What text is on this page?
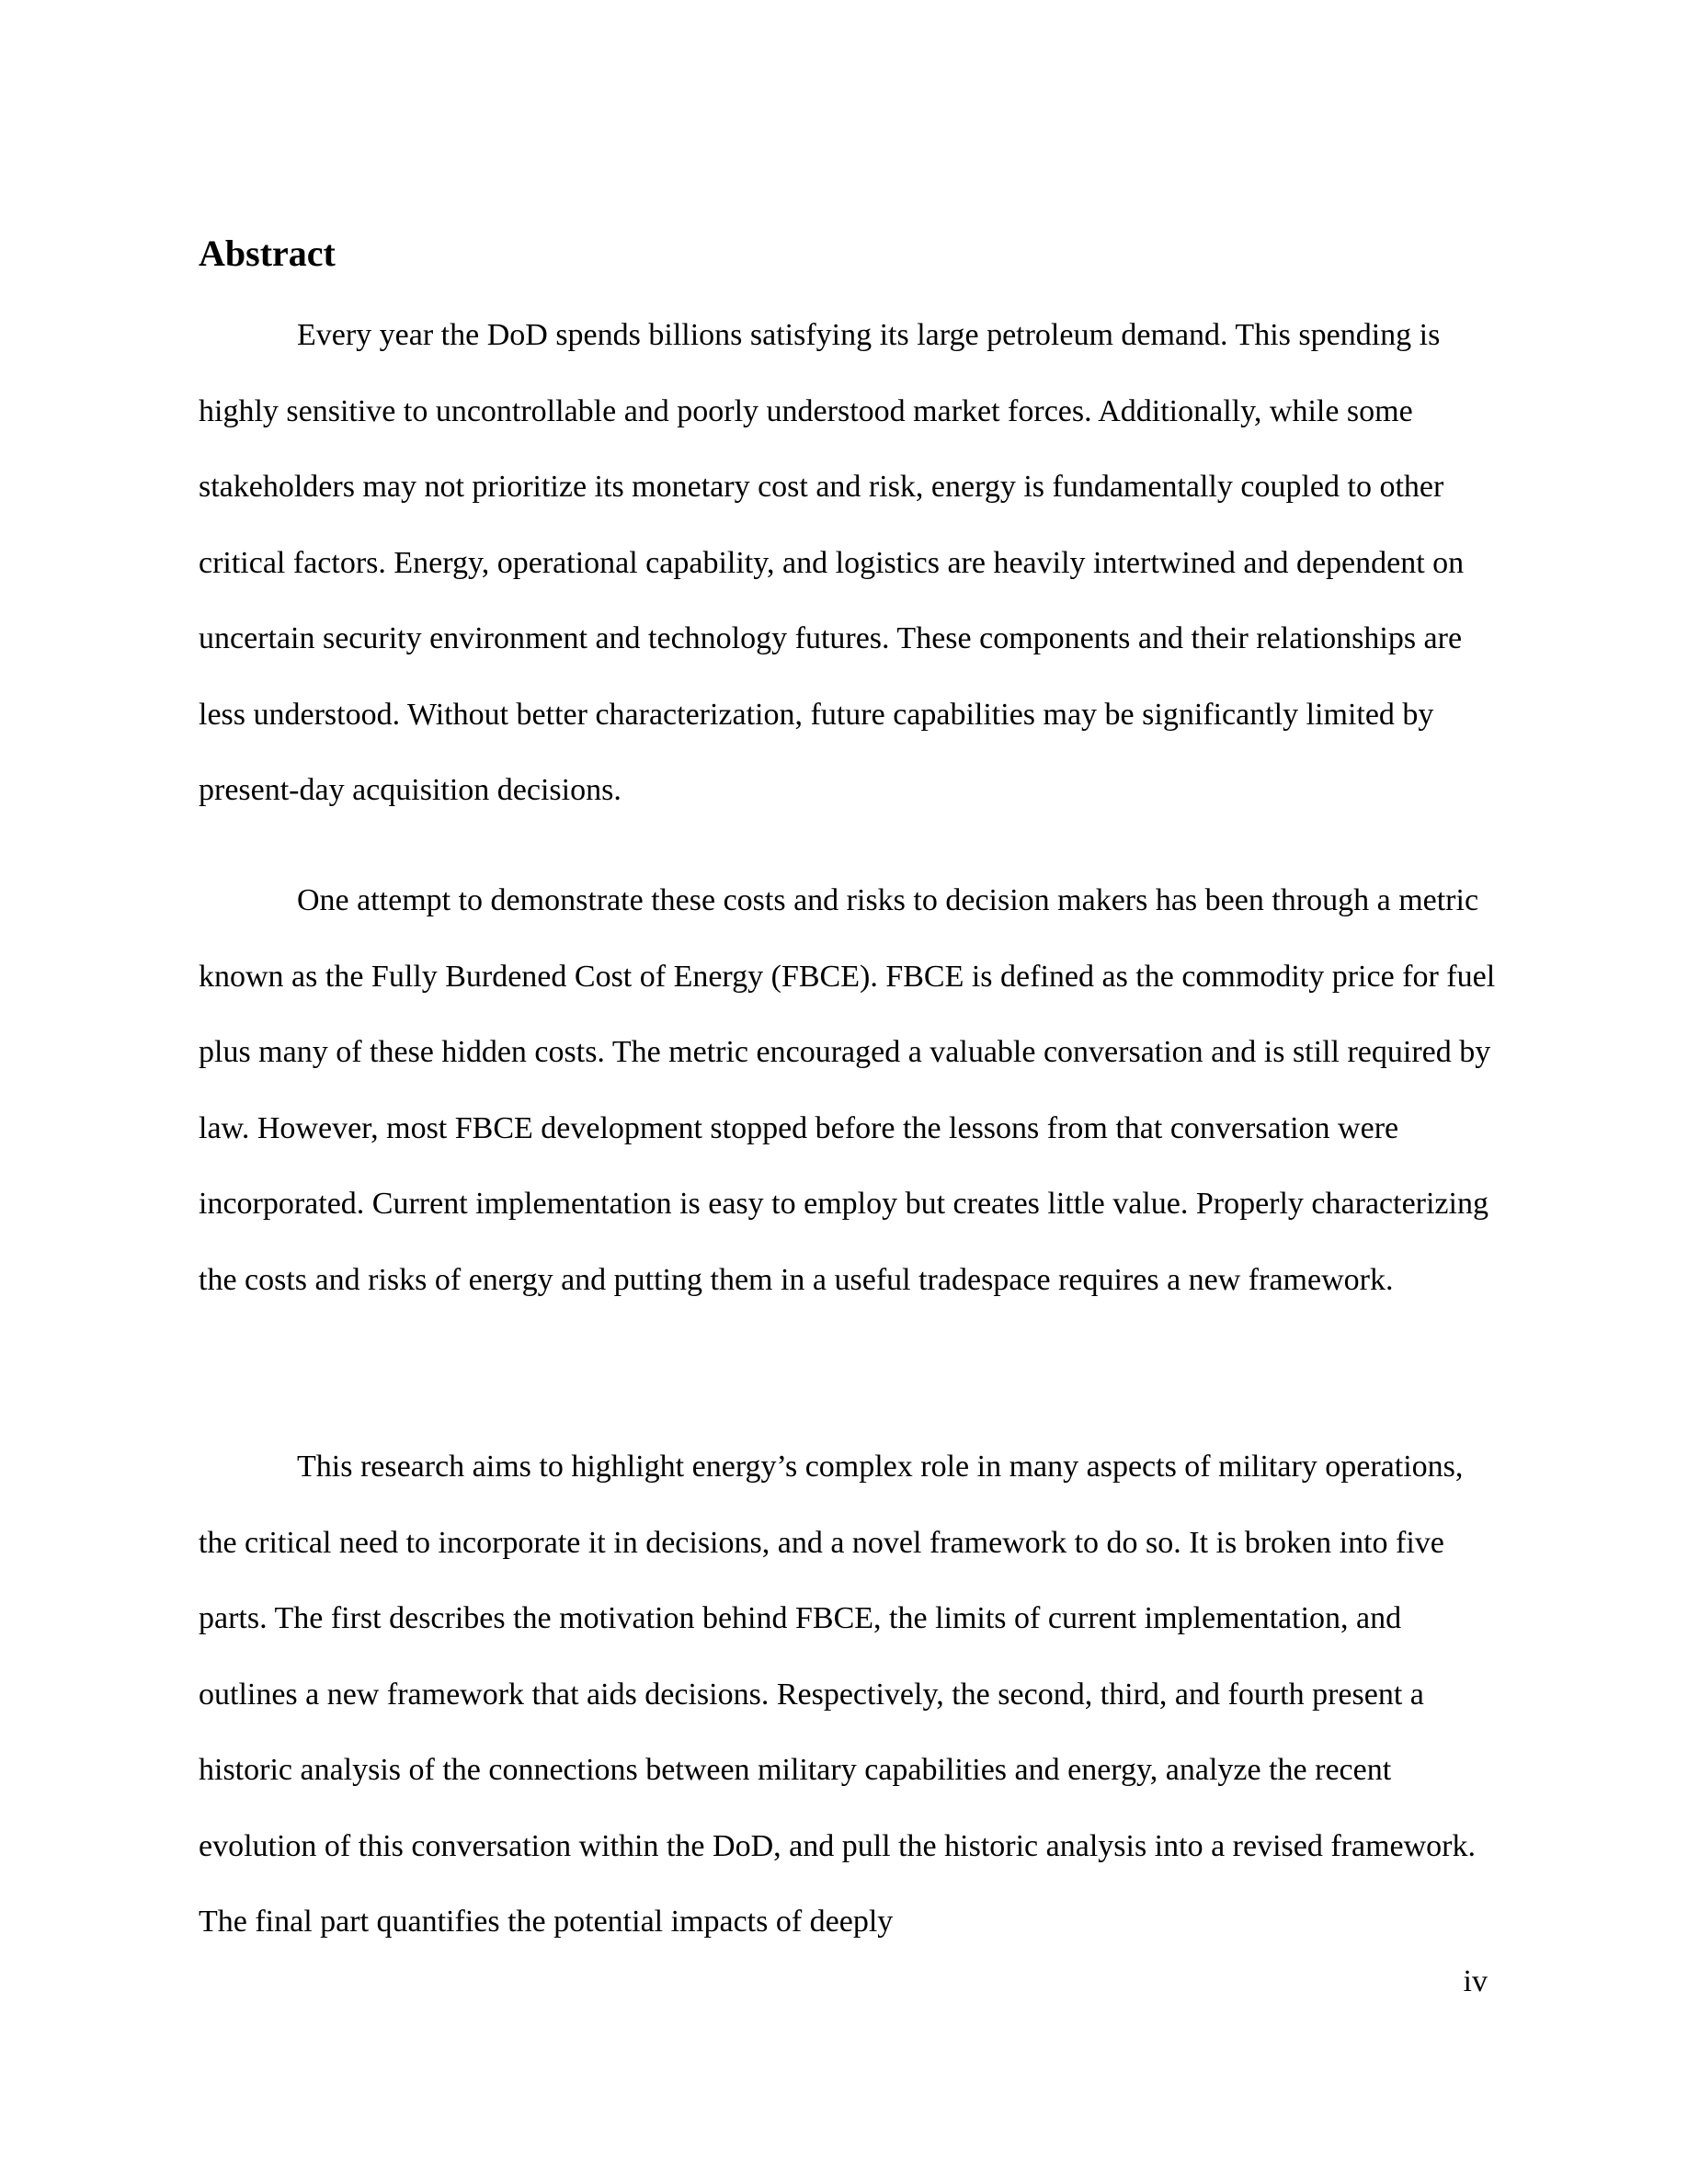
Abstract

Every year the DoD spends billions satisfying its large petroleum demand. This spending is highly sensitive to uncontrollable and poorly understood market forces. Additionally, while some stakeholders may not prioritize its monetary cost and risk, energy is fundamentally coupled to other critical factors. Energy, operational capability, and logistics are heavily intertwined and dependent on uncertain security environment and technology futures. These components and their relationships are less understood. Without better characterization, future capabilities may be significantly limited by present-day acquisition decisions.

One attempt to demonstrate these costs and risks to decision makers has been through a metric known as the Fully Burdened Cost of Energy (FBCE). FBCE is defined as the commodity price for fuel plus many of these hidden costs. The metric encouraged a valuable conversation and is still required by law. However, most FBCE development stopped before the lessons from that conversation were incorporated. Current implementation is easy to employ but creates little value. Properly characterizing the costs and risks of energy and putting them in a useful tradespace requires a new framework.

This research aims to highlight energy’s complex role in many aspects of military operations, the critical need to incorporate it in decisions, and a novel framework to do so. It is broken into five parts. The first describes the motivation behind FBCE, the limits of current implementation, and outlines a new framework that aids decisions. Respectively, the second, third, and fourth present a historic analysis of the connections between military capabilities and energy, analyze the recent evolution of this conversation within the DoD, and pull the historic analysis into a revised framework. The final part quantifies the potential impacts of deeply

iv
